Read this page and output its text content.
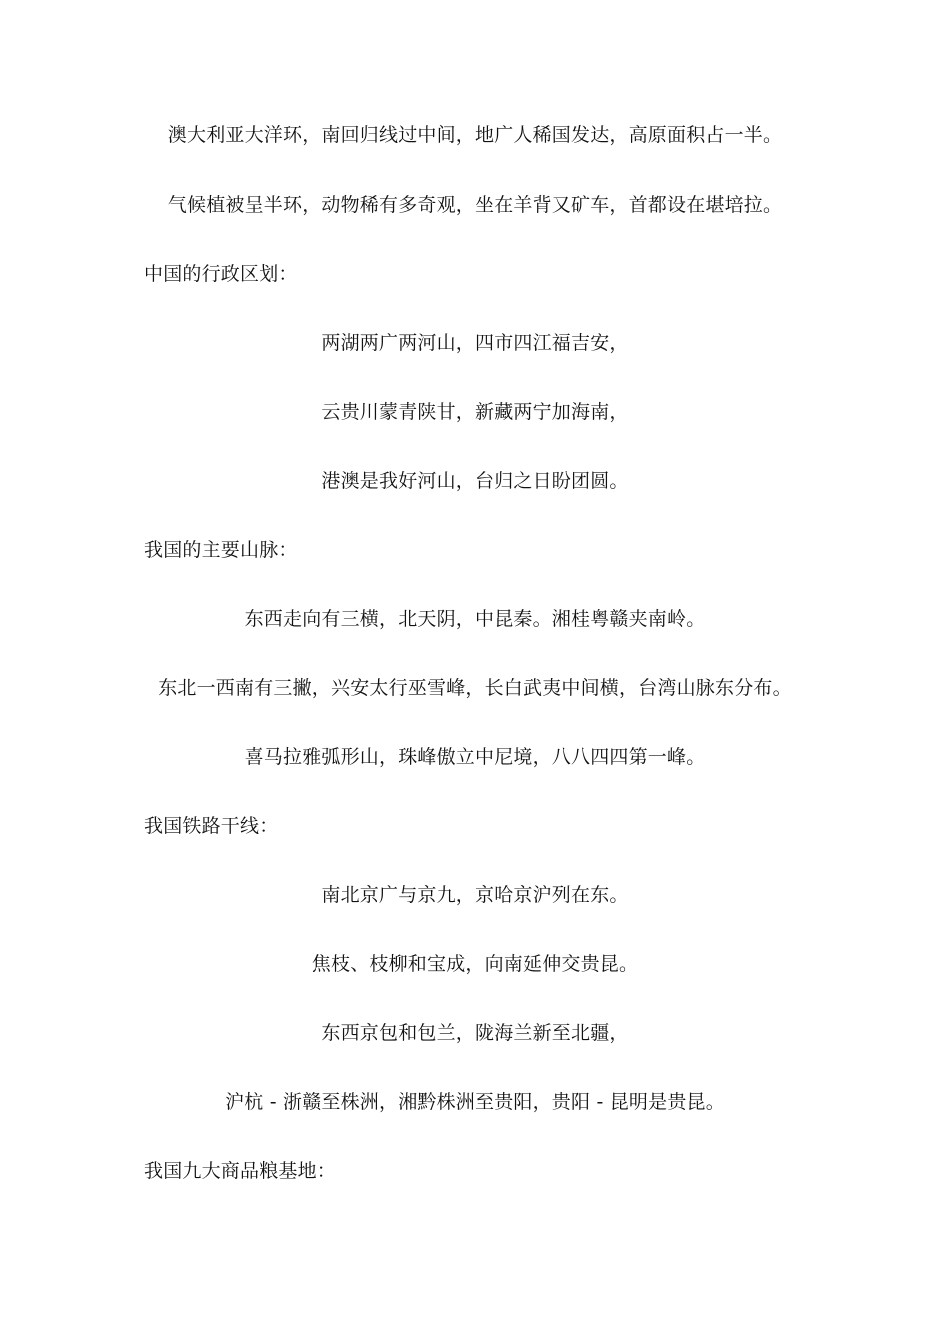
澳大利亚大洋环，南回归线过中间，地广人稀国发达，高原面积占一半。
气候植被呈半环，动物稀有多奇观，坐在羊背又矿车，首都设在堪培拉。
中国的行政区划：
两湖两广两河山，四市四江福吉安，
云贵川蒙青陕甘，新藏两宁加海南，
港澳是我好河山，台归之日盼团圆。
我国的主要山脉：
东西走向有三横，北天阴，中昆秦。湘桂粤赣夹南岭。
东北一西南有三撇，兴安太行巫雪峰，长白武夷中间横，台湾山脉东分布。
喜马拉雅弧形山，珠峰傲立中尼境，八八四四第一峰。
我国铁路干线：
南北京广与京九，京哈京沪列在东。
焦枝、枝柳和宝成，向南延伸交贵昆。
东西京包和包兰，陇海兰新至北疆，
沪杭 - 浙赣至株洲，湘黔株洲至贵阳，贵阳 - 昆明是贵昆。
我国九大商品粮基地：
